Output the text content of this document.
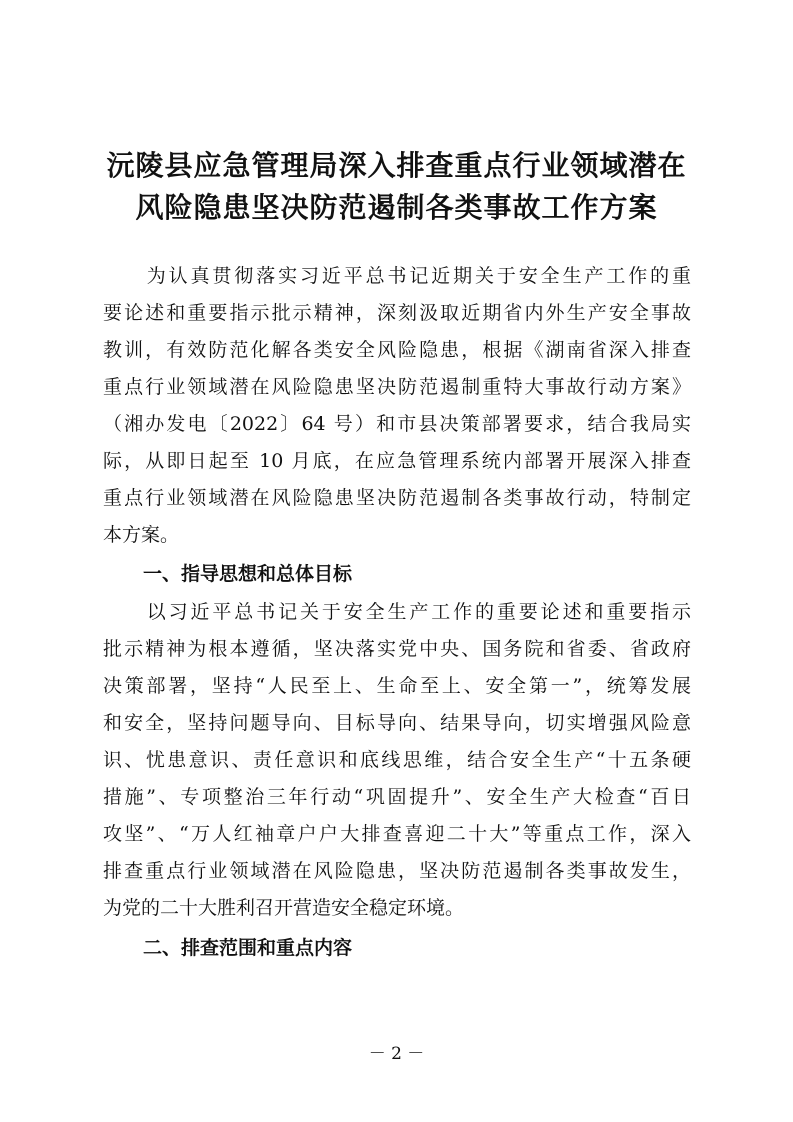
沅陵县应急管理局深入排查重点行业领域潜在
风险隐患坚决防范遏制各类事故工作方案

　　为认真贯彻落实习近平总书记近期关于安全生产工作的重

要论述和重要指示批示精神，深刻汲取近期省内外生产安全事故

教训，有效防范化解各类安全风险隐患，根据《湖南省深入排查

重点行业领域潜在风险隐患坚决防范遏制重特大事故行动方案》

（湘办发电〔2022〕64 号）和市县决策部署要求，结合我局实

际，从即日起至 10 月底，在应急管理系统内部署开展深入排查

重点行业领域潜在风险隐患坚决防范遏制各类事故行动，特制定

本方案。

一、指导思想和总体目标

　　以习近平总书记关于安全生产工作的重要论述和重要指示

批示精神为根本遵循，坚决落实党中央、国务院和省委、省政府

决策部署，坚持“人民至上、生命至上、安全第一”，统筹发展

和安全，坚持问题导向、目标导向、结果导向，切实增强风险意

识、忧患意识、责任意识和底线思维，结合安全生产“十五条硬

措施”、专项整治三年行动“巩固提升”、安全生产大检查“百日

攻坚”、“万人红袖章户户大排查喜迎二十大”等重点工作，深入

排查重点行业领域潜在风险隐患，坚决防范遏制各类事故发生，

为党的二十大胜利召开营造安全稳定环境。

二、排查范围和重点内容

－ 2 －
